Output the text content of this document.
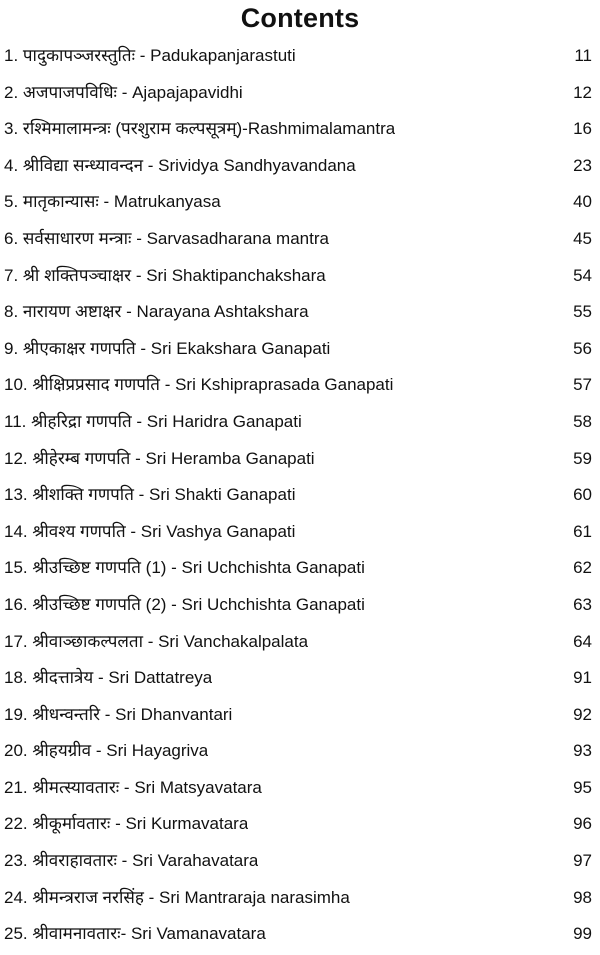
Contents
1. पादुकापञ्जरस्तुतिः - Padukapanjarastuti	11
2. अजपाजपविधिः - Ajapajapavidhi	12
3. रश्मिमालामन्त्रः (परशुराम कल्पसूत्रम्)-Rashmimalamantra	16
4. श्रीविद्या सन्ध्यावन्दन - Srividya Sandhyavandana	23
5. मातृकान्यासः - Matrukanyasa	40
6. सर्वसाधारण मन्त्राः - Sarvasadharana mantra	45
7. श्री शक्तिपञ्चाक्षर - Sri Shaktipanchakshara	54
8. नारायण अष्टाक्षर - Narayana Ashtakshara	55
9. श्रीएकाक्षर गणपति - Sri Ekakshara Ganapati	56
10. श्रीक्षिप्रप्रसाद गणपति - Sri Kshipraprasada Ganapati	57
11. श्रीहरिद्रा गणपति - Sri Haridra Ganapati	58
12. श्रीहेरम्ब गणपति - Sri Heramba Ganapati	59
13. श्रीशक्ति गणपति - Sri Shakti Ganapati	60
14. श्रीवश्य गणपति - Sri Vashya Ganapati	61
15. श्रीउच्छिष्ट गणपति (1) - Sri Uchchishta Ganapati	62
16. श्रीउच्छिष्ट गणपति (2) - Sri Uchchishta Ganapati	63
17. श्रीवाञ्छाकल्पलता - Sri Vanchakalpalata	64
18. श्रीदत्तात्रेय - Sri Dattatreya	91
19. श्रीधन्वन्तरि - Sri Dhanvantari	92
20. श्रीहयग्रीव - Sri Hayagriva	93
21. श्रीमत्स्यावतारः - Sri Matsyavatara	95
22. श्रीकूर्मावतारः - Sri Kurmavatara	96
23. श्रीवराहावतारः - Sri Varahavatara	97
24. श्रीमन्त्रराज नरसिंह - Sri Mantraraja narasimha	98
25. श्रीवामनावतारः- Sri Vamanavatara	99
